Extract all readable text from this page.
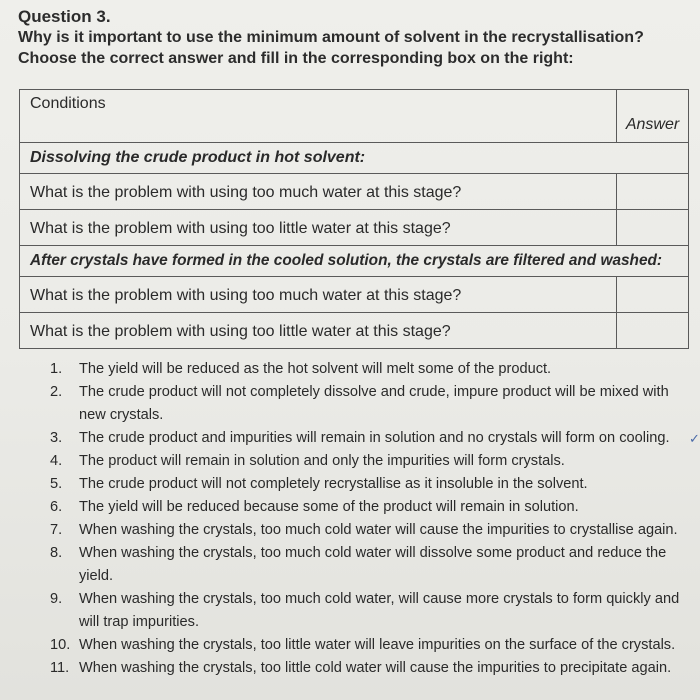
Question 3.
Why is it important to use the minimum amount of solvent in the recrystallisation?
Choose the correct answer and fill in the corresponding box on the right:
Conditions	Answer
Dissolving the crude product in hot solvent:	
What is the problem with using too much water at this stage?	
What is the problem with using too little water at this stage?	
After crystals have formed in the cooled solution, the crystals are filtered and washed:	
What is the problem with using too much water at this stage?	
What is the problem with using too little water at this stage?	
1. The yield will be reduced as the hot solvent will melt some of the product.
2. The crude product will not completely dissolve and crude, impure product will be mixed with
new crystals.
3. The crude product and impurities will remain in solution and no crystals will form on cooling.
4. The product will remain in solution and only the impurities will form crystals.
5. The crude product will not completely recrystallise as it insoluble in the solvent.
6. The yield will be reduced because some of the product will remain in solution.
7. When washing the crystals, too much cold water will cause the impurities to crystallise again.
8. When washing the crystals, too much cold water will dissolve some product and reduce the
yield.
9. When washing the crystals, too much cold water, will cause more crystals to form quickly and
will trap impurities.
10. When washing the crystals, too little water will leave impurities on the surface of the crystals.
11. When washing the crystals, too little cold water will cause the impurities to precipitate again.
✓
